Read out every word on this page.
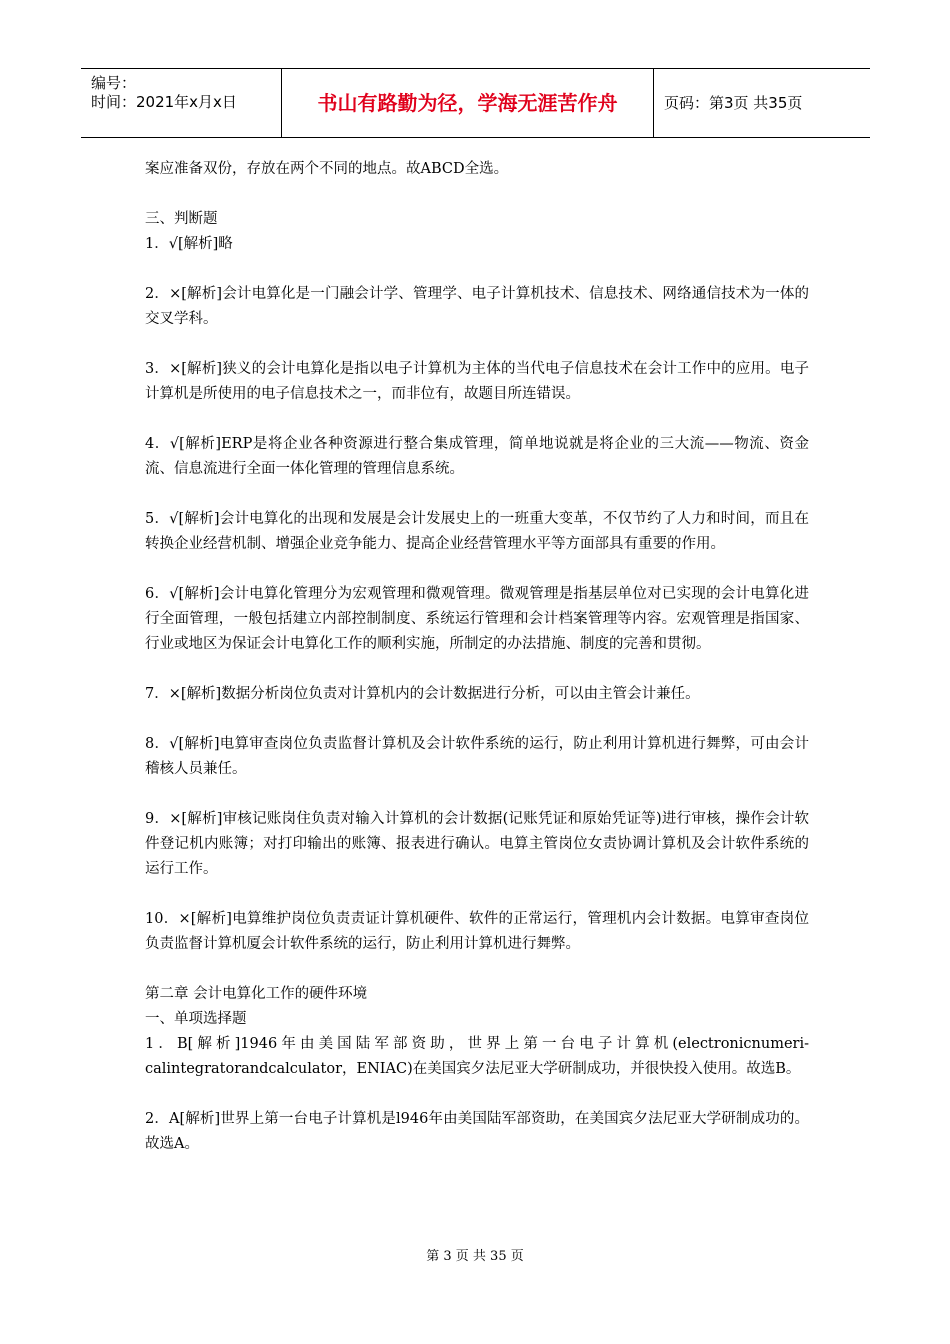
编号：
时间：2021年x月x日	书山有路勤为径，学海无涯苦作舟	页码：第3页 共35页

案应准备双份，存放在两个不同的地点。故ABCD全选。

三、判断题

1．√[解析]略

2．×[解析]会计电算化是一门融会计学、管理学、电子计算机技术、信息技术、网络通信技术为一体的交叉学科。

3．×[解析]狭义的会计电算化是指以电子计算机为主体的当代电子信息技术在会计工作中的应用。电子计算机是所使用的电子信息技术之一，而非位有，故题目所连错误。

4．√[解析]ERP是将企业各种资源进行整合集成管理，简单地说就是将企业的三大流——物流、资金流、信息流进行全面一体化管理的管理信息系统。

5．√[解析]会计电算化的出现和发展是会计发展史上的一班重大变革，不仅节约了人力和时间，而且在转换企业经营机制、增强企业竞争能力、提高企业经营管理水平等方面部具有重要的作用。

6．√[解析]会计电算化管理分为宏观管理和微观管理。微观管理是指基层单位对已实现的会计电算化进行全面管理，一般包括建立内部控制制度、系统运行管理和会计档案管理等内容。宏观管理是指国家、行业或地区为保证会计电算化工作的顺利实施，所制定的办法措施、制度的完善和贯彻。

7．×[解析]数据分析岗位负责对计算机内的会计数据进行分析，可以由主管会计兼任。

8．√[解析]电算审查岗位负责监督计算机及会计软件系统的运行，防止利用计算机进行舞弊，可由会计稽核人员兼任。

9．×[解析]审核记账岗住负责对输入计算机的会计数据(记账凭证和原始凭证等)进行审核，操作会计软件登记机内账簿；对打印输出的账簿、报表进行确认。电算主管岗位女责协调计算机及会计软件系统的运行工作。

10．×[解析]电算维护岗位负责责证计算机硬件、软件的正常运行，管理机内会计数据。电算审查岗位负责监督计算机厦会计软件系统的运行，防止利用计算机进行舞弊。

第二章 会计电算化工作的硬件环境

一、单项选择题

1．B[解析]1946年由美国陆军部资助，世界上第一台电子计算机(electronicnumeri-

calintegratorandcalculator，ENIAC)在美国宾夕法尼亚大学研制成功，并很快投入使用。故选B。

2．A[解析]世界上第一台电子计算机是l946年由美国陆军部资助，在美国宾夕法尼亚大学研制成功的。故选A。

第 3 页 共 35 页
